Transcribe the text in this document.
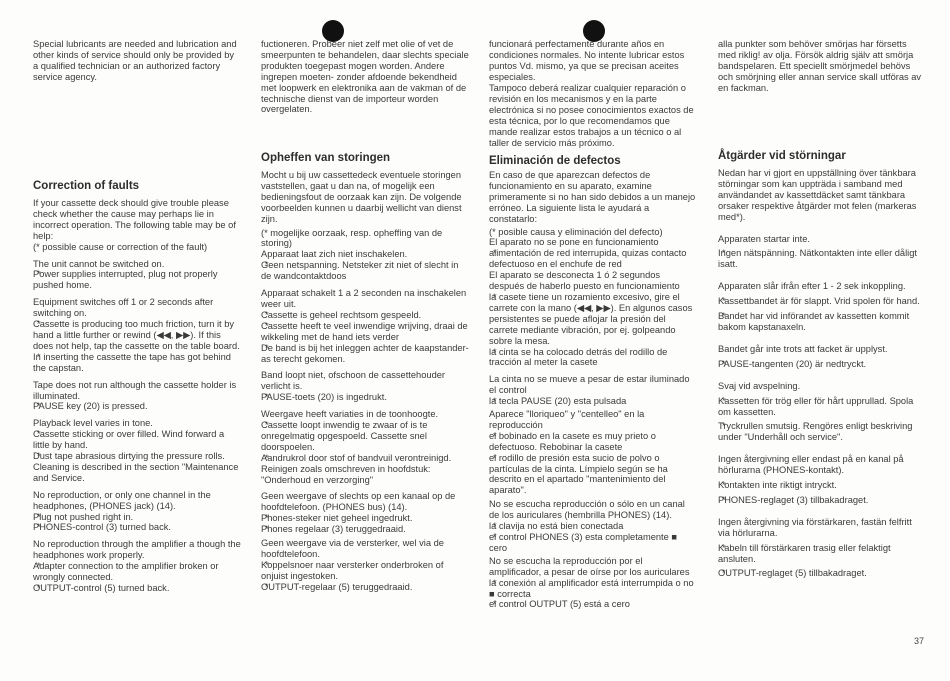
Special lubricants are needed and lubrication and other kinds of service should only be provided by a qualified technician or an authorized factory service agency.

Correction of faults

If your cassette deck should give trouble please check whether the cause may perhaps lie in incorrect operation. The following table may be of help:

(* possible cause or correction of the fault)

The unit cannot be switched on.

* Power supplies interrupted, plug not properly pushed home.

Equipment switches off 1 or 2 seconds after switching on.

* Cassette is producing too much friction, turn it by hand a little further or rewind (◀◀, ▶▶). If this does not help, tap the cassette on the table board.

* In inserting the cassette the tape has got behind the capstan.

Tape does not run although the cassette holder is illuminated.

* PAUSE key (20) is pressed.

Playback level varies in tone.

* Cassette sticking or over filled. Wind forward a little by hand.

* Dust tape abrasious dirtying the pressure rolls. Cleaning is described in the section "Maintenance and Service.

No reproduction, or only one channel in the headphones, (PHONES jack) (14).

* Plug not pushed right in.

* PHONES-control (3) turned back.

No reproduction through the amplifier a though the headphones work properly.

* Adapter connection to the amplifier broken or wrongly connected.

* OUTPUT-control (5) turned back.

fuctioneren. Probeer niet zelf met olie of vet de smeerpunten te behandelen, daar slechts speciale produkten toegepast mogen worden. Andere ingrepen moeten- zonder afdoende bekendheid met loopwerk en elektronika aan de vakman of de technische dienst van de importeur worden overgelaten.

Opheffen van storingen

Mocht u bij uw cassettedeck eventuele storingen vaststellen, gaat u dan na, of mogelijk een bedieningsfout de oorzaak kan zijn. De volgende voorbeelden kunnen u daarbij wellicht van dienst zijn.

(* mogelijke oorzaak, resp. opheffing van de storing)

Apparaat laat zich niet inschakelen.

* Geen netspanning. Netsteker zit niet of slecht in de wandcontaktdoos

Apparaat schakelt 1 a 2 seconden na inschakelen weer uit.

* Cassette is geheel rechtsom gespeeld.

* Cassette heeft te veel inwendige wrijving, draai de wikkeling met de hand iets verder

* De band is bij het inleggen achter de kaapstander-as terecht gekomen.

Band loopt niet, ofschoon de cassettehouder verlicht is.

* PAUSE-toets (20) is ingedrukt.

Weergave heeft variaties in de toonhoogte.

* Cassette loopt inwendig te zwaar of is te onregelmatig opgespoeld. Cassette snel doorspoelen.

* Aandrukrol door stof of bandvuil verontreinigd. Reinigen zoals omschreven in hoofdstuk: "Onderhoud en verzorging"

Geen weergave of slechts op een kanaal op de hoofdtelefoon. (PHONES bus) (14).

* Phones-steker niet geheel ingedrukt.

* Phones regelaar (3) teruggedraaid.

Geen weergave via de versterker, wel via de hoofdtelefoon.

* Koppelsnoer naar versterker onderbroken of onjuist ingestoken.

* OUTPUT-regelaar (5) teruggedraaid.

funcionará perfectamente durante años en condiciones normales. No intente lubricar estos puntos Vd. mismo, ya que se precisan aceites especiales.

Tampoco deberá realizar cualquier reparación o revisión en los mecanismos y en la parte electrónica si no posee conocimientos exactos de esta técnica, por lo que recomendamos que mande realizar estos trabajos a un técnico o al taller de servicio más próximo.

Eliminación de defectos

En caso de que aparezcan defectos de funcionamiento en su aparato, examine primeramente si no han sido debidos a un manejo erróneo. La siguiente lista le ayudará a constatarlo:

(* posible causa y eliminación del defecto)

El aparato no se pone en funcionamiento

* alimentación de red interrupida, quizas contacto defectuoso en el enchufe de red

El aparato se desconecta 1 ó 2 segundos después de haberlo puesto en funcionamiento

* la casete tiene un rozamiento excesivo, gire el carrete con la mano (◀◀, ▶▶). En algunos casos persistentes se puede aflojar la presión del carrete mediante vibración, por ej. golpeando sobre la mesa.

* la cinta se ha colocado detrás del rodillo de tracción al meter la casete

La cinta no se mueve a pesar de estar iluminado el control

* la tecla PAUSE (20) esta pulsada

Aparece "lloriqueo" y "centelleo" en la reproducción

* el bobinado en la casete es muy prieto o defectuoso. Rebobinar la casete

* el rodillo de presión esta sucio de polvo o partículas de la cinta. Límpielo según se ha descrito en el apartado "mantenimiento del aparato".

No se escucha reproducción o sólo en un canal de los auriculares (hembrilla PHONES) (14).

* la clavija no está bien conectada

* el control PHONES (3) esta completamente ■ cero

No se escucha la reproducción por el amplificador, a pesar de oírse por los auriculares

* la conexión al amplificador está interrumpida o no ■ correcta

* el control OUTPUT (5) está a cero

alla punkter som behöver smörjas har försetts med riklig! av olja. Försök aldrig själv att smörja bandspelaren. Ett speciellt smörjmedel behövs och smörjning eller annan service skall utföras av en fackman.

Åtgärder vid störningar

Nedan har vi gjort en uppställning över tänkbara störningar som kan uppträda i samband med användandet av kassettdäcket samt tänkbara orsaker respektive åtgärder mot felen (markeras med*).

Apparaten startar inte.

* Ingen nätspänning. Nätkontakten inte eller dåligt isatt.

Apparaten slår ifrån efter 1 - 2 sek inkoppling.

* Kassettbandet är för slappt. Vrid spolen för hand.

* Bandet har vid införandet av kassetten kommit bakom kapstanaxeln.

Bandet går inte trots att facket är upplyst.

* PAUSE-tangenten (20) är nedtryckt.

Svaj vid avspelning.

* Kassetten för trög eller för hårt upprullad. Spola om kassetten.

* Tryckrullen smutsig. Rengöres enligt beskriving under "Underhåll och service".

Ingen återgivning eller endast på en kanal på hörlurarna (PHONES-kontakt).

* Kontakten inte riktigt intryckt.

* PHONES-reglaget (3) tillbakadraget.

Ingen återgivning via förstärkaren, fastän felfritt via hörlurarna.

* Kabeln till förstärkaren trasig eller felaktigt ansluten.

* OUTPUT-reglaget (5) tillbakadraget.

37
